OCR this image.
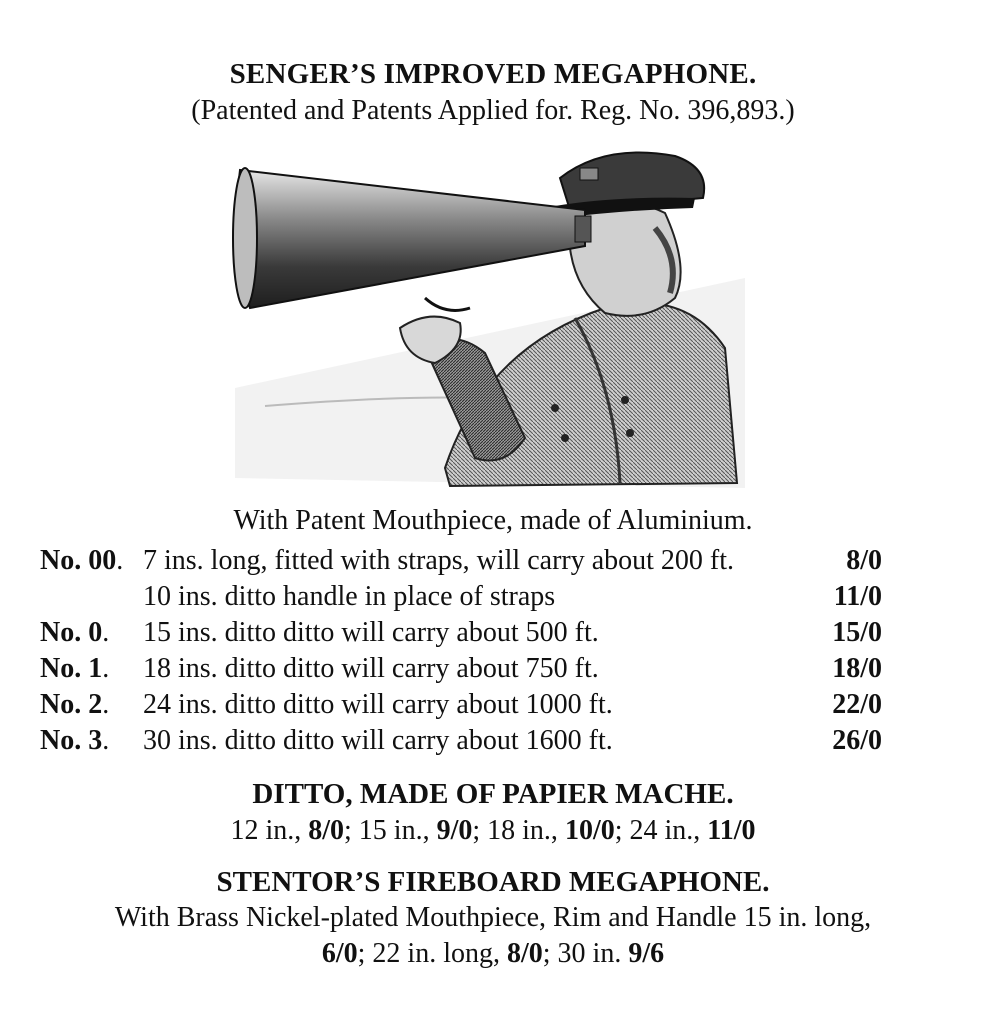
SENGER’S IMPROVED MEGAPHONE.
(Patented and Patents Applied for. Reg. No. 396,893.)
With Patent Mouthpiece, made of Aluminium.
No. 00. 7 ins. long, fitted with straps, will carry about 200 ft.	8/0
10 ins. ditto handle in place of straps	11/0
No. 0. 15 ins. ditto ditto will carry about 500 ft.	15/0
No. 1. 18 ins. ditto ditto will carry about 750 ft.	18/0
No. 2. 24 ins. ditto ditto will carry about 1000 ft.	22/0
No. 3. 30 ins. ditto ditto will carry about 1600 ft.	26/0
DITTO, MADE OF PAPIER MACHE.
12 in., 8/0; 15 in., 9/0; 18 in., 10/0; 24 in., 11/0
STENTOR’S FIREBOARD MEGAPHONE.
With Brass Nickel-plated Mouthpiece, Rim and Handle 15 in. long,
6/0; 22 in. long, 8/0; 30 in. 9/6
